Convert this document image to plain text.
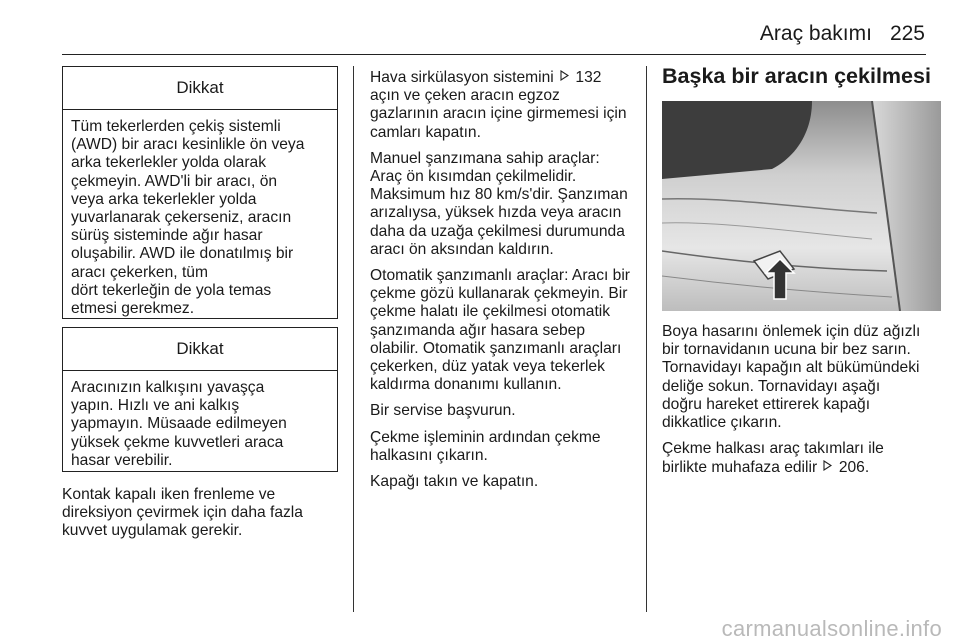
Araç bakımı 225
Dikkat
Tüm tekerlerden çekiş sistemli
(AWD) bir aracı kesinlikle ön veya
arka tekerlekler yolda olarak
çekmeyin. AWD'li bir aracı, ön
veya arka tekerlekler yolda
yuvarlanarak çekerseniz, aracın
sürüş sisteminde ağır hasar
oluşabilir. AWD ile donatılmış bir
aracı çekerken, tüm
dört tekerleğin de yola temas
etmesi gerekmez.
Dikkat
Aracınızın kalkışını yavaşça
yapın. Hızlı ve ani kalkış
yapmayın. Müsaade edilmeyen
yüksek çekme kuvvetleri araca
hasar verebilir.
Kontak kapalı iken frenleme ve
direksiyon çevirmek için daha fazla
kuvvet uygulamak gerekir.

Hava sirkülasyon sistemini 132
açın ve çeken aracın egzoz
gazlarının aracın içine girmemesi için
camları kapatın.

Manuel şanzımana sahip araçlar:
Araç ön kısımdan çekilmelidir.
Maksimum hız 80 km/s'dir. Şanzıman
arızalıysa, yüksek hızda veya aracın
daha da uzağa çekilmesi durumunda
aracı ön aksından kaldırın.

Otomatik şanzımanlı araçlar: Aracı bir
çekme gözü kullanarak çekmeyin. Bir
çekme halatı ile çekilmesi otomatik
şanzımanda ağır hasara sebep
olabilir. Otomatik şanzımanlı araçları
çekerken, düz yatak veya tekerlek
kaldırma donanımı kullanın.

Bir servise başvurun.

Çekme işleminin ardından çekme
halkasını çıkarın.

Kapağı takın ve kapatın.

Başka bir aracın çekilmesi

Boya hasarını önlemek için düz ağızlı
bir tornavidanın ucuna bir bez sarın.
Tornavidayı kapağın alt bükümündeki
deliğe sokun. Tornavidayı aşağı
doğru hareket ettirerek kapağı
dikkatlice çıkarın.

Çekme halkası araç takımları ile
birlikte muhafaza edilir 206.

carmanualsonline.info
